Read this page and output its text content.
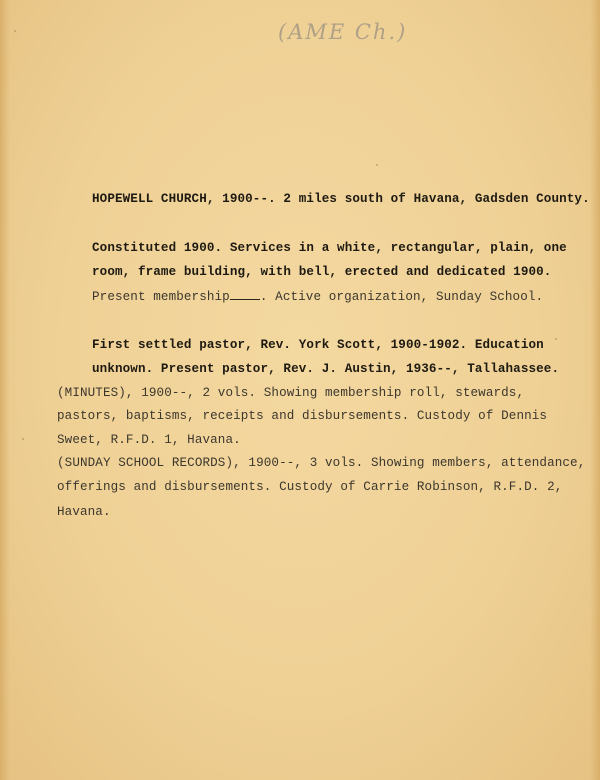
(AME Ch.)
HOPEWELL CHURCH, 1900--. 2 miles south of Havana, Gadsden County.
Constituted 1900. Services in a white, rectangular, plain, one
room, frame building, with bell, erected and dedicated 1900.
Present membership . Active organization, Sunday School.
First settled pastor, Rev. York Scott, 1900-1902. Education
unknown. Present pastor, Rev. J. Austin, 1936--, Tallahassee.
(MINUTES), 1900--, 2 vols. Showing membership roll, stewards,
pastors, baptisms, receipts and disbursements. Custody of Dennis
Sweet, R.F.D. 1, Havana.
(SUNDAY SCHOOL RECORDS), 1900--, 3 vols. Showing members, attendance,
offerings and disbursements. Custody of Carrie Robinson, R.F.D. 2,
Havana.
